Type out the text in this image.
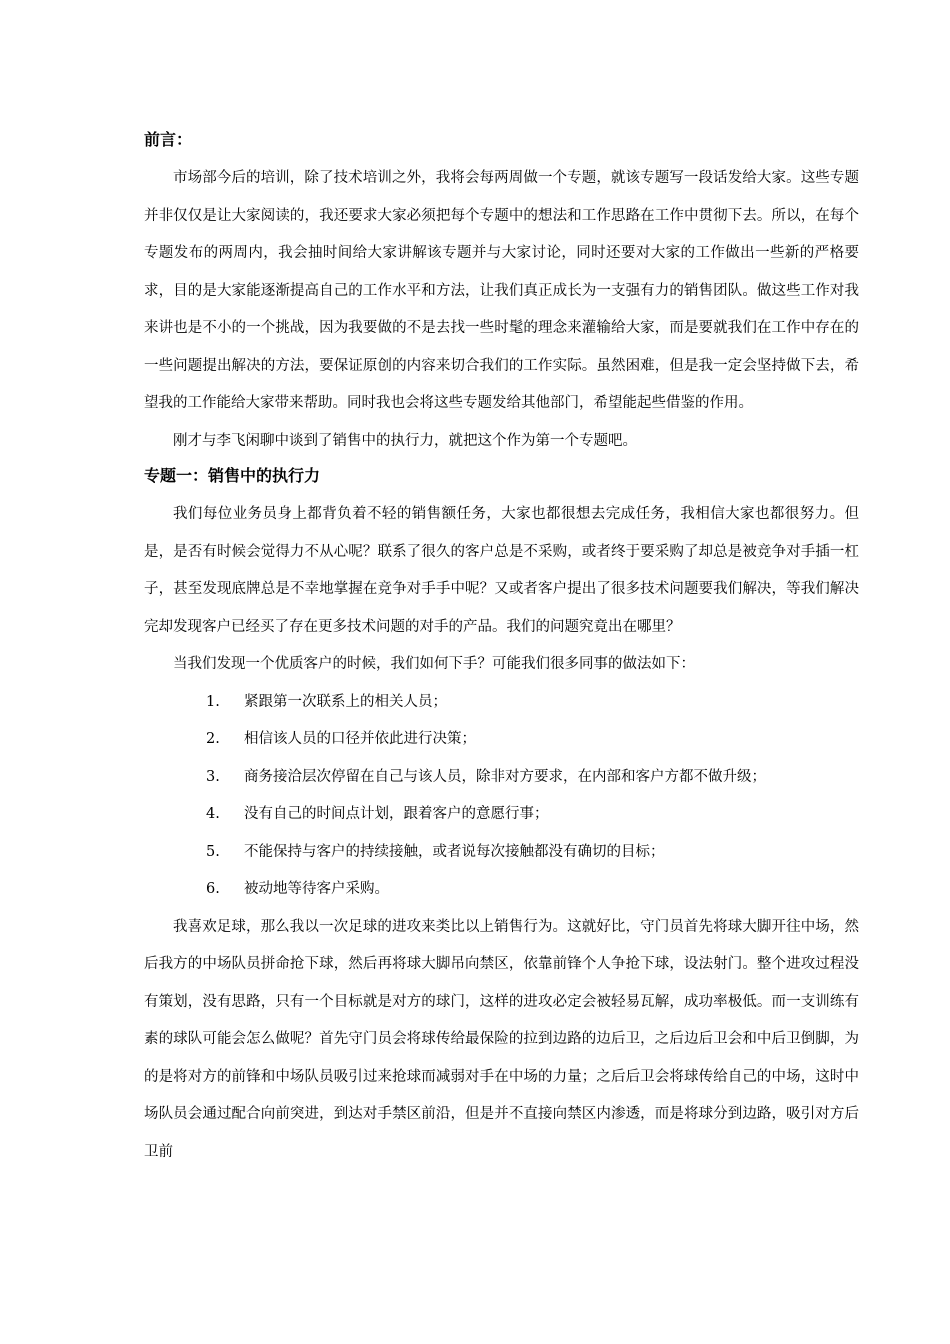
前言：

市场部今后的培训，除了技术培训之外，我将会每两周做一个专题，就该专题写一段话发给大家。这些专题并非仅仅是让大家阅读的，我还要求大家必须把每个专题中的想法和工作思路在工作中贯彻下去。所以，在每个专题发布的两周内，我会抽时间给大家讲解该专题并与大家讨论，同时还要对大家的工作做出一些新的严格要求，目的是大家能逐渐提高自己的工作水平和方法，让我们真正成长为一支强有力的销售团队。做这些工作对我来讲也是不小的一个挑战，因为我要做的不是去找一些时髦的理念来灌输给大家，而是要就我们在工作中存在的一些问题提出解决的方法，要保证原创的内容来切合我们的工作实际。虽然困难，但是我一定会坚持做下去，希望我的工作能给大家带来帮助。同时我也会将这些专题发给其他部门，希望能起些借鉴的作用。

刚才与李飞闲聊中谈到了销售中的执行力，就把这个作为第一个专题吧。

专题一：销售中的执行力

我们每位业务员身上都背负着不轻的销售额任务，大家也都很想去完成任务，我相信大家也都很努力。但是，是否有时候会觉得力不从心呢？联系了很久的客户总是不采购，或者终于要采购了却总是被竞争对手插一杠子，甚至发现底牌总是不幸地掌握在竞争对手手中呢？又或者客户提出了很多技术问题要我们解决，等我们解决完却发现客户已经买了存在更多技术问题的对手的产品。我们的问题究竟出在哪里？

当我们发现一个优质客户的时候，我们如何下手？可能我们很多同事的做法如下：

1.	紧跟第一次联系上的相关人员；
2.	相信该人员的口径并依此进行决策；
3.	商务接洽层次停留在自己与该人员，除非对方要求，在内部和客户方都不做升级；
4.	没有自己的时间点计划，跟着客户的意愿行事；
5.	不能保持与客户的持续接触，或者说每次接触都没有确切的目标；
6.	被动地等待客户采购。

我喜欢足球，那么我以一次足球的进攻来类比以上销售行为。这就好比，守门员首先将球大脚开往中场，然后我方的中场队员拼命抢下球，然后再将球大脚吊向禁区，依靠前锋个人争抢下球，设法射门。整个进攻过程没有策划，没有思路，只有一个目标就是对方的球门，这样的进攻必定会被轻易瓦解，成功率极低。而一支训练有素的球队可能会怎么做呢？首先守门员会将球传给最保险的拉到边路的边后卫，之后边后卫会和中后卫倒脚，为的是将对方的前锋和中场队员吸引过来抢球而减弱对手在中场的力量；之后后卫会将球传给自己的中场，这时中场队员会通过配合向前突进，到达对手禁区前沿，但是并不直接向禁区内渗透，而是将球分到边路，吸引对方后卫前
